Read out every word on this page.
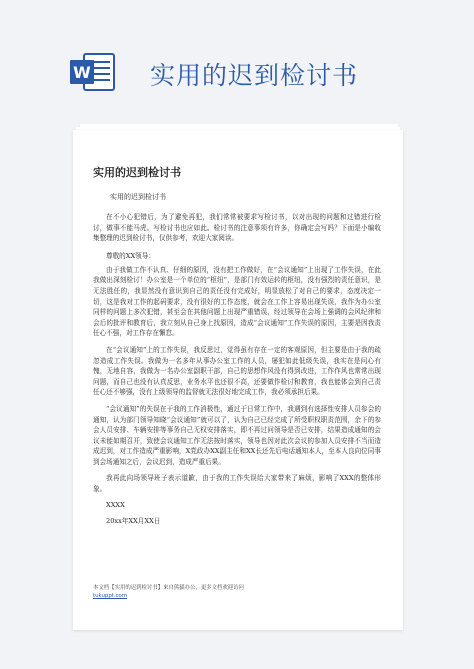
W 实用的迟到检讨书
实用的迟到检讨书
实用的迟到检讨书

在不小心犯错后，为了避免再犯，我们常常被要求写检讨书，以对出现的问题和过错进行检讨，做事不能马虎。写检讨书也应如此。检讨书的注意事项有许多，你确定会写吗？下面是小编收集整理的迟到检讨书，仅供参考，欢迎大家阅读。

尊敬的XX领导：

由于我做工作不认真、仔细的原因，没有把工作做好，在“会议通知”上出现了工作失误，在此我做出深刻检讨！办公室是一个单位的“枢纽”，是部门有效运转的枢纽，没有强烈的责任意识，是无法胜任的，我显然没有意识到自己的责任没有完成好，明显放松了对自己的要求，态度决定一切，这是我对工作的起码要求，没有很好的工作态度，就会在工作上容易出现失误，我作为办公室同样的问题上多次犯错，甚至会在其他问题上出现严重错误，经过领导在会场上强调的会风纪律和会后的批评和教育后，我立刻从自己身上找原因，造成“会议通知”工作失误的原因，主要是因我责任心不强，对工作存在懈怠。

在“会议通知”上的工作失误，我反思过，觉得虽有存在一定的客观原因，但主要是由于我的疏忽造成工作失误。我做为一名多年从事办公室工作的人员，屡犯如此低级失误，我实在是问心有愧，无地自容，我做为一名办公室副职干部，自己的思想作风没有得到改进，工作作风也常常出现问题，而自己也没有认真反思，业务水平也还很不高，还要做作检讨和教育，我也能体会到自己责任心还不够强，没有上级领导的监督就无法很好地完成工作，我必须承担后果。

“会议通知”的失误在于我的工作消极性，通过于日常工作中，我遇到有选择性安排人员参会的通知，认为部门领导知晓“会议通知”就可以了，认为自己已经完成了所受职权职责范围，余下的参会人员安排、车辆安排等事务自己无权安排落实，即不再过问领导是否已安排，结果造成通知的会议未能如期召开，致使会议通知工作无法按时落实，领导也因对此次会议的参加人员安排不当而造成迟到，对工作造成严重影响，X党政办XX副主任和XX长还先后电话通知本人，至本人良向位同事到会场通知之后，会议迟到，造成严重后果。

我再此向场领导班子表示道歉，由于我的工作失误给大家带来了麻烦，影响了XXX的整体形象。

XXXX
20xx年XX月XX日
本文档【实用的迟到检讨书】来自熊猫办公，更多文档欢迎访问
tukuppt.com
